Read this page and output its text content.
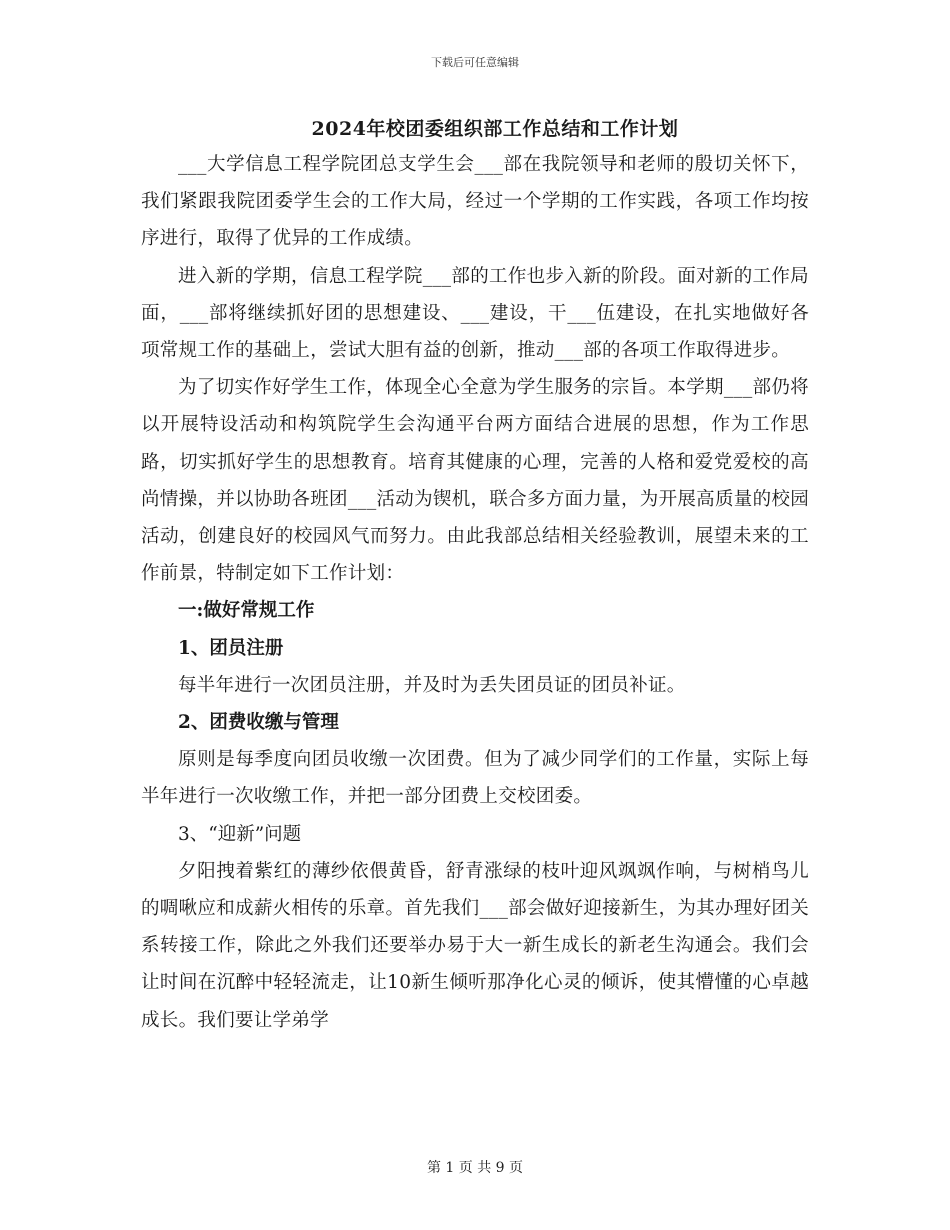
下载后可任意编辑
2024年校团委组织部工作总结和工作计划

___大学信息工程学院团总支学生会___部在我院领导和老师的殷切关怀下，我们紧跟我院团委学生会的工作大局，经过一个学期的工作实践，各项工作均按序进行，取得了优异的工作成绩。

进入新的学期，信息工程学院___部的工作也步入新的阶段。面对新的工作局面，___部将继续抓好团的思想建设、___建设，干___伍建设，在扎实地做好各项常规工作的基础上，尝试大胆有益的创新，推动___部的各项工作取得进步。

为了切实作好学生工作，体现全心全意为学生服务的宗旨。本学期___部仍将以开展特设活动和构筑院学生会沟通平台两方面结合进展的思想，作为工作思路，切实抓好学生的思想教育。培育其健康的心理，完善的人格和爱党爱校的高尚情操，并以协助各班团___活动为锲机，联合多方面力量，为开展高质量的校园活动，创建良好的校园风气而努力。由此我部总结相关经验教训，展望未来的工作前景，特制定如下工作计划：

一:做好常规工作

1、团员注册

每半年进行一次团员注册，并及时为丢失团员证的团员补证。

2、团费收缴与管理

原则是每季度向团员收缴一次团费。但为了减少同学们的工作量，实际上每半年进行一次收缴工作，并把一部分团费上交校团委。

3、“迎新”问题

夕阳拽着紫红的薄纱依偎黄昏，舒青涨绿的枝叶迎风飒飒作响，与树梢鸟儿的啁啾应和成薪火相传的乐章。首先我们___部会做好迎接新生，为其办理好团关系转接工作，除此之外我们还要举办易于大一新生成长的新老生沟通会。我们会让时间在沉醉中轻轻流走，让10新生倾听那净化心灵的倾诉，使其懵懂的心卓越成长。我们要让学弟学

第 1 页 共 9 页
